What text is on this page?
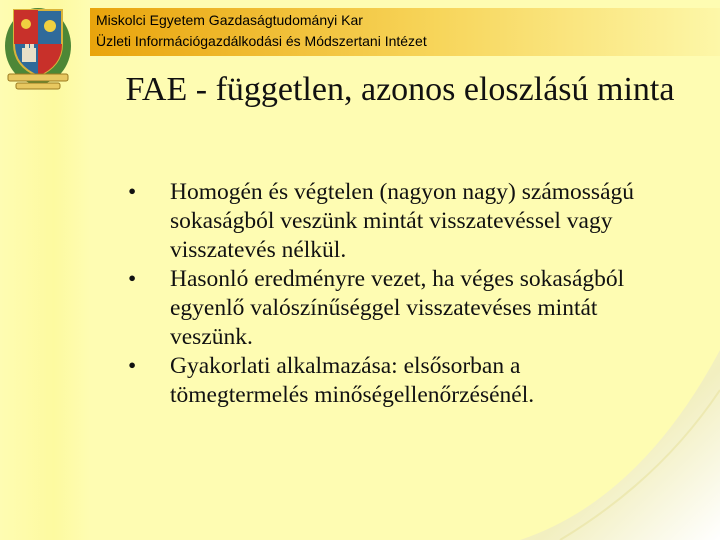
Miskolci Egyetem Gazdaságtudományi Kar
Üzleti Információgazdálkodási és Módszertani Intézet
FAE - független, azonos eloszlású minta
• Homogén és végtelen (nagyon nagy) számosságú sokaságból veszünk mintát visszatevéssel vagy visszatevés nélkül.
• Hasonló eredményre vezet, ha véges sokaságból egyenlő valószínűséggel visszatevéses mintát veszünk.
• Gyakorlati alkalmazása: elsősorban a tömegtermelés minőségellenőrzésénél.
